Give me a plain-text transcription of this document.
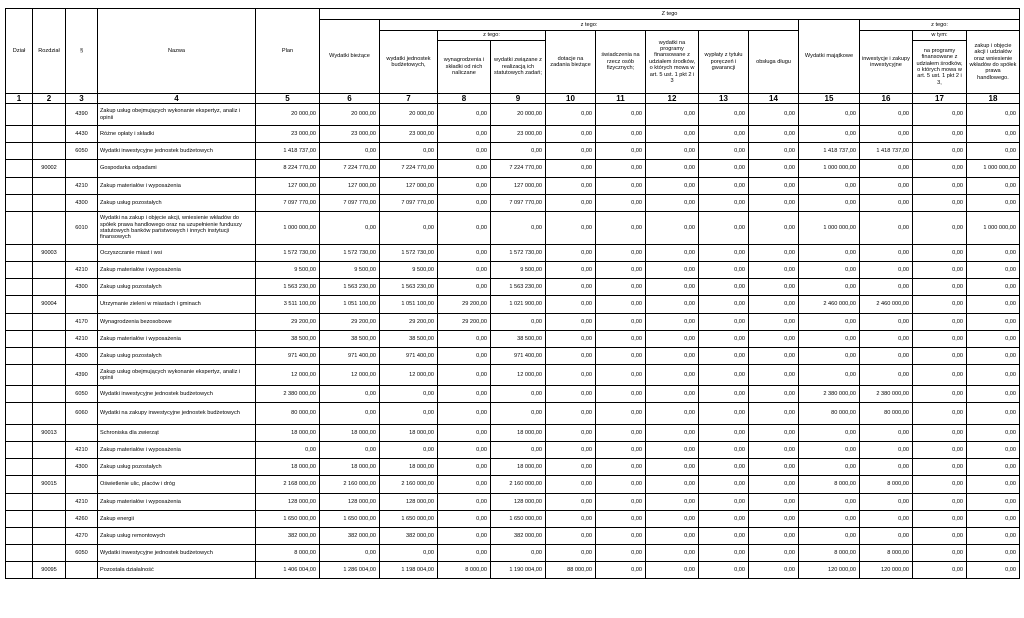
Dział	Rozdział	§	Nazwa	Plan	Z tego												
					Wydatki bieżące	z tego:								Wydatki majątkowe	z tego:		
						wydatki jednostek budżetowych,	z tego:		dotacje na zadania bieżące	świadczenia na rzecz osób fizycznych;	wydatki na programy finansowane z udziałem środków, o których mowa w art. 5 ust. 1 pkt 2 i 3	wypłaty z tytułu poręczeń i gwarancji	obsługa długu		inwestycje i zakupy inwestycyjne	w tym:	zakup i objęcie akcji i udziałów oraz wniesienie wkładów do spółek prawa handlowego.
							wynagrodzenia i składki od nich naliczane	wydatki związane z realizacją ich statutowych zadań;								na programy finansowane z udziałem środków, o których mowa w art. 5 ust. 1 pkt 2 i 3,	
1	2	3	4	5	6	7	8	9	10	11	12	13	14	15	16	17	18
		4390	Zakup usług obejmujących wykonanie ekspertyz, analiz i opinii	20 000,00	20 000,00	20 000,00	0,00	20 000,00	0,00	0,00	0,00	0,00	0,00	0,00	0,00	0,00	0,00
		4430	Różne opłaty i składki	23 000,00	23 000,00	23 000,00	0,00	23 000,00	0,00	0,00	0,00	0,00	0,00	0,00	0,00	0,00	0,00
		6050	Wydatki inwestycyjne jednostek budżetowych	1 418 737,00	0,00	0,00	0,00	0,00	0,00	0,00	0,00	0,00	0,00	1 418 737,00	1 418 737,00	0,00	0,00
	90002		Gospodarka odpadami	8 224 770,00	7 224 770,00	7 224 770,00	0,00	7 224 770,00	0,00	0,00	0,00	0,00	0,00	1 000 000,00	0,00	0,00	1 000 000,00
		4210	Zakup materiałów i wyposażenia	127 000,00	127 000,00	127 000,00	0,00	127 000,00	0,00	0,00	0,00	0,00	0,00	0,00	0,00	0,00	0,00
		4300	Zakup usług pozostałych	7 097 770,00	7 097 770,00	7 097 770,00	0,00	7 097 770,00	0,00	0,00	0,00	0,00	0,00	0,00	0,00	0,00	0,00
		6010	Wydatki na zakup i objęcie akcji, wniesienie wkładów do spółek prawa handlowego oraz na uzupełnienie funduszy statutowych banków państwowych i innych instytucji finansowych	1 000 000,00	0,00	0,00	0,00	0,00	0,00	0,00	0,00	0,00	0,00	1 000 000,00	0,00	0,00	1 000 000,00
	90003		Oczyszczanie miast i wsi	1 572 730,00	1 572 730,00	1 572 730,00	0,00	1 572 730,00	0,00	0,00	0,00	0,00	0,00	0,00	0,00	0,00	0,00
		4210	Zakup materiałów i wyposażenia	9 500,00	9 500,00	9 500,00	0,00	9 500,00	0,00	0,00	0,00	0,00	0,00	0,00	0,00	0,00	0,00
		4300	Zakup usług pozostałych	1 563 230,00	1 563 230,00	1 563 230,00	0,00	1 563 230,00	0,00	0,00	0,00	0,00	0,00	0,00	0,00	0,00	0,00
	90004		Utrzymanie zieleni w miastach i gminach	3 511 100,00	1 051 100,00	1 051 100,00	29 200,00	1 021 900,00	0,00	0,00	0,00	0,00	0,00	2 460 000,00	2 460 000,00	0,00	0,00
		4170	Wynagrodzenia bezosobowe	29 200,00	29 200,00	29 200,00	29 200,00	0,00	0,00	0,00	0,00	0,00	0,00	0,00	0,00	0,00	0,00
		4210	Zakup materiałów i wyposażenia	38 500,00	38 500,00	38 500,00	0,00	38 500,00	0,00	0,00	0,00	0,00	0,00	0,00	0,00	0,00	0,00
		4300	Zakup usług pozostałych	971 400,00	971 400,00	971 400,00	0,00	971 400,00	0,00	0,00	0,00	0,00	0,00	0,00	0,00	0,00	0,00
		4390	Zakup usług obejmujących wykonanie ekspertyz, analiz i opinii	12 000,00	12 000,00	12 000,00	0,00	12 000,00	0,00	0,00	0,00	0,00	0,00	0,00	0,00	0,00	0,00
		6050	Wydatki inwestycyjne jednostek budżetowych	2 380 000,00	0,00	0,00	0,00	0,00	0,00	0,00	0,00	0,00	0,00	2 380 000,00	2 380 000,00	0,00	0,00
		6060	Wydatki na zakupy inwestycyjne jednostek budżetowych	80 000,00	0,00	0,00	0,00	0,00	0,00	0,00	0,00	0,00	0,00	80 000,00	80 000,00	0,00	0,00
	90013		Schroniska dla zwierząt	18 000,00	18 000,00	18 000,00	0,00	18 000,00	0,00	0,00	0,00	0,00	0,00	0,00	0,00	0,00	0,00
		4210	Zakup materiałów i wyposażenia	0,00	0,00	0,00	0,00	0,00	0,00	0,00	0,00	0,00	0,00	0,00	0,00	0,00	0,00
		4300	Zakup usług pozostałych	18 000,00	18 000,00	18 000,00	0,00	18 000,00	0,00	0,00	0,00	0,00	0,00	0,00	0,00	0,00	0,00
	90015		Oświetlenie ulic, placów i dróg	2 168 000,00	2 160 000,00	2 160 000,00	0,00	2 160 000,00	0,00	0,00	0,00	0,00	0,00	8 000,00	8 000,00	0,00	0,00
		4210	Zakup materiałów i wyposażenia	128 000,00	128 000,00	128 000,00	0,00	128 000,00	0,00	0,00	0,00	0,00	0,00	0,00	0,00	0,00	0,00
		4260	Zakup energii	1 650 000,00	1 650 000,00	1 650 000,00	0,00	1 650 000,00	0,00	0,00	0,00	0,00	0,00	0,00	0,00	0,00	0,00
		4270	Zakup usług remontowych	382 000,00	382 000,00	382 000,00	0,00	382 000,00	0,00	0,00	0,00	0,00	0,00	0,00	0,00	0,00	0,00
		6050	Wydatki inwestycyjne jednostek budżetowych	8 000,00	0,00	0,00	0,00	0,00	0,00	0,00	0,00	0,00	0,00	8 000,00	8 000,00	0,00	0,00
	90095		Pozostała działalność	1 406 004,00	1 286 004,00	1 198 004,00	8 000,00	1 190 004,00	88 000,00	0,00	0,00	0,00	0,00	120 000,00	120 000,00	0,00	0,00
